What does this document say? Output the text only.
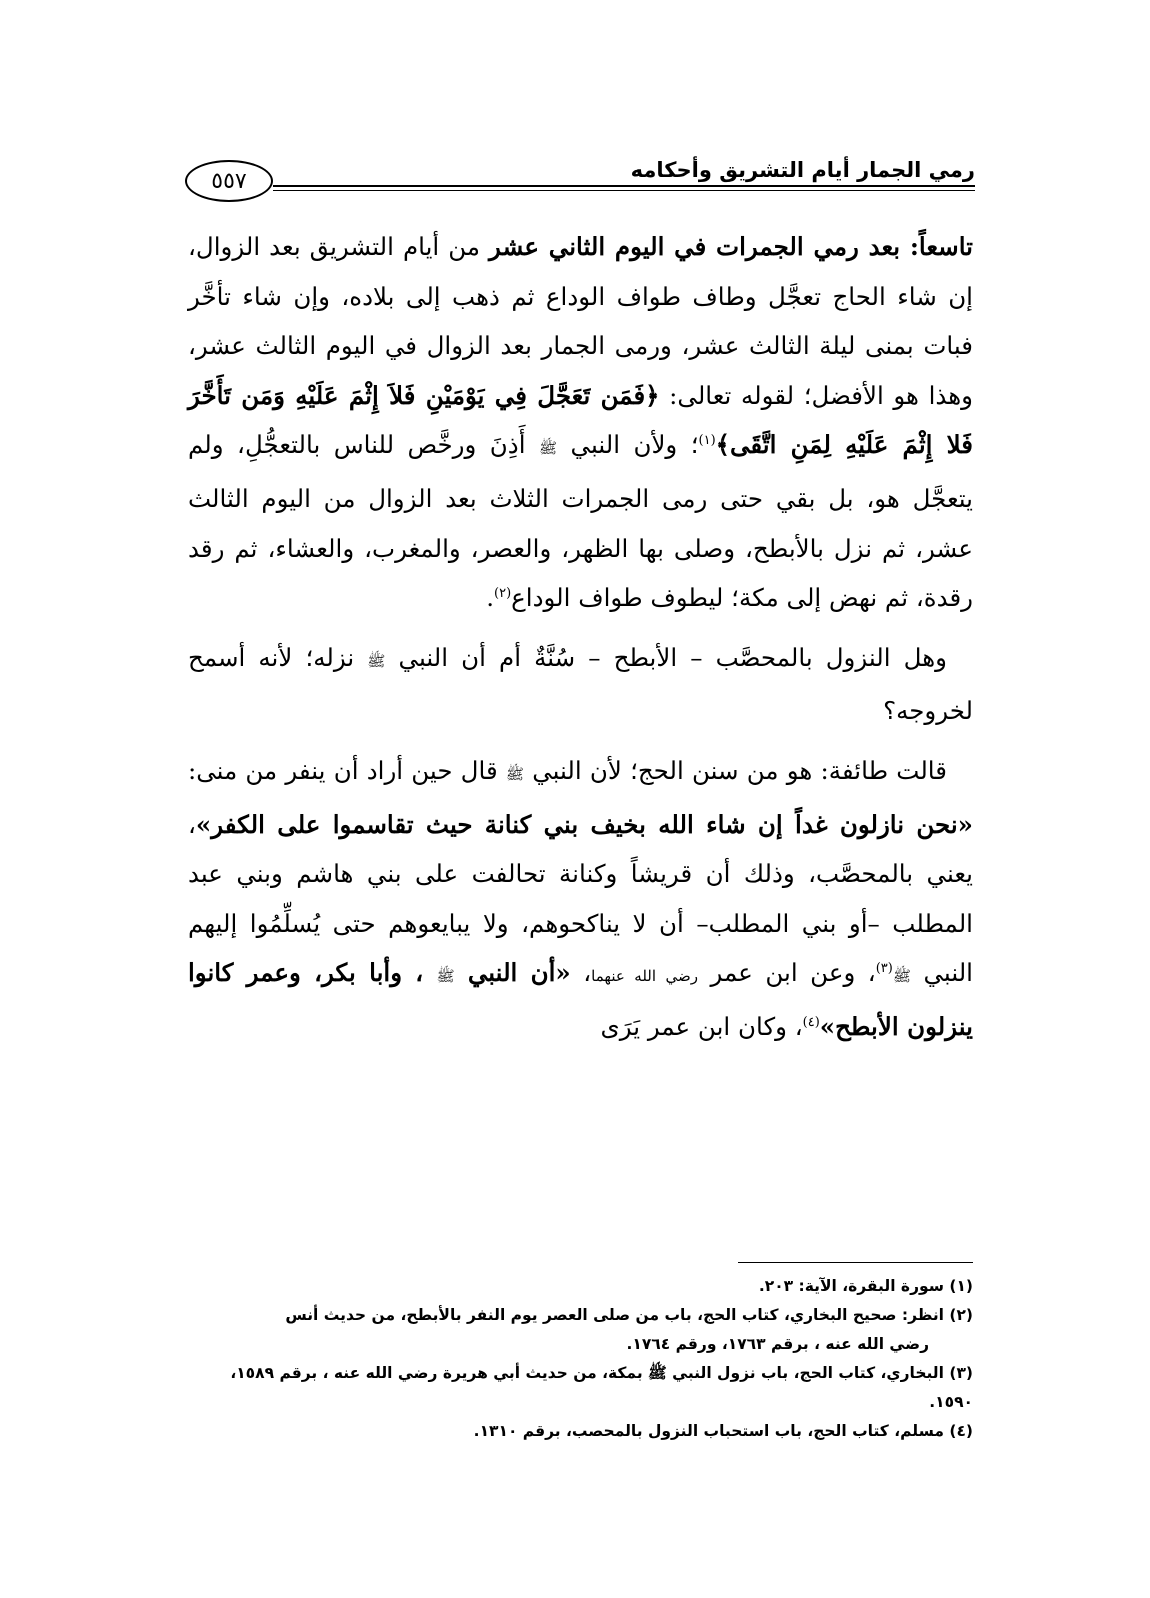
رمي الجمار أيام التشريق وأحكامه
٥٥٧

تاسعاً: بعد رمي الجمرات في اليوم الثاني عشر من أيام التشريق بعد الزوال، إن شاء الحاج تعجَّل وطاف طواف الوداع ثم ذهب إلى بلاده، وإن شاء تأخَّر فبات بمنى ليلة الثالث عشر، ورمى الجمار بعد الزوال في اليوم الثالث عشر، وهذا هو الأفضل؛ لقوله تعالى: ﴿فَمَن تَعَجَّلَ فِي يَوْمَيْنِ فَلاَ إِثْمَ عَلَيْهِ وَمَن تَأَخَّرَ فَلا إِثْمَ عَلَيْهِ لِمَنِ اتَّقَى﴾$^{(١)}$؛ ولأن النبي ﷺ أَذِنَ ورخَّص للناس بالتعجُّلِ، ولم يتعجَّل هو، بل بقي حتى رمى الجمرات الثلاث بعد الزوال من اليوم الثالث عشر، ثم نزل بالأبطح، وصلى بها الظهر، والعصر، والمغرب، والعشاء، ثم رقد رقدة، ثم نهض إلى مكة؛ ليطوف طواف الوداع$^{(٢)}$.

وهل النزول بالمحصَّب – الأبطح – سُنَّةٌ أم أن النبي ﷺ نزله؛ لأنه أسمح لخروجه؟

قالت طائفة: هو من سنن الحج؛ لأن النبي ﷺ قال حين أراد أن ينفر من منى: «نحن نازلون غداً إن شاء الله بخيف بني كنانة حيث تقاسموا على الكفر»، يعني بالمحصَّب، وذلك أن قريشاً وكنانة تحالفت على بني هاشم وبني عبد المطلب –أو بني المطلب– أن لا يناكحوهم، ولا يبايعوهم حتى يُسلِّمُوا إليهم النبي ﷺ$^{(٣)}$، وعن ابن عمر رضي الله عنهما، «أن النبي ﷺ ، وأبا بكر، وعمر كانوا ينزلون الأبطح»$^{(٤)}$، وكان ابن عمر يَرَى

(١) سورة البقرة، الآية: ٢٠٣.

(٢) انظر: صحيح البخاري، كتاب الحج، باب من صلى العصر يوم النفر بالأبطح، من حديث أنس

رضي الله عنه ، برقم ١٧٦٣، ورقم ١٧٦٤.

(٣) البخاري، كتاب الحج، باب نزول النبي ﷺ بمكة، من حديث أبي هريرة رضي الله عنه ، برقم ١٥٨٩، ١٥٩٠.

(٤) مسلم، كتاب الحج، باب استحباب النزول بالمحصب، برقم ١٣١٠.
